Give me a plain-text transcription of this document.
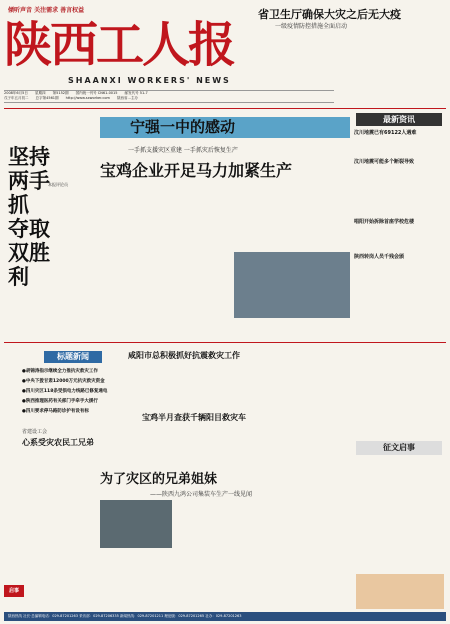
倾听声音 关注需求 善言权益
陕西工人报
SHAANXI WORKERS' NEWS
2008年6月5日 星期四 第5152期 国内统一刊号 CN61-0015 邮发代号 51-7
戊子年五月初二 总字第4561期 http://www.sxworker.com 陕西省…主办
省卫生厅确保大灾之后无大疫
一级疫情防控措施全面启动
坚持两手抓
夺取双胜利
本报评论员
宁强一中的感动
一手抓支援灾区重建 一手抓灾后恢复生产
宝鸡企业开足马力加紧生产
最新资讯
汶川地震已有69122人遇难
汶川地震可能多个断裂导致
唱阳开始拆除首座学校危楼
陕西转岗人员千残会颁
标题新闻
●胡锦涛指示继续全力推抗灾救灾工作
●中央下拨甘肃12000万元抗灾救灾资金
●四川灾区118条受损电力线路已修复通电
●陕西推理医药有关部门手牵手大援行
●四川要求停马路防诊护有设有标
省建设工会
心系受灾农民工兄弟
咸阳市总积极抓好抗震救灾工作
宝鸡半月查获千辆阳目救灾车
为了灾区的兄弟姐妹
——陕西九鸿公司集装车生产一线见闻
征文启事
启事
陕西热线 社长·总编辑电话：029-87201263 采访部：029-87206335 新闻热线：029-87201211 理论版：029-87201265 社办：029-87201263
